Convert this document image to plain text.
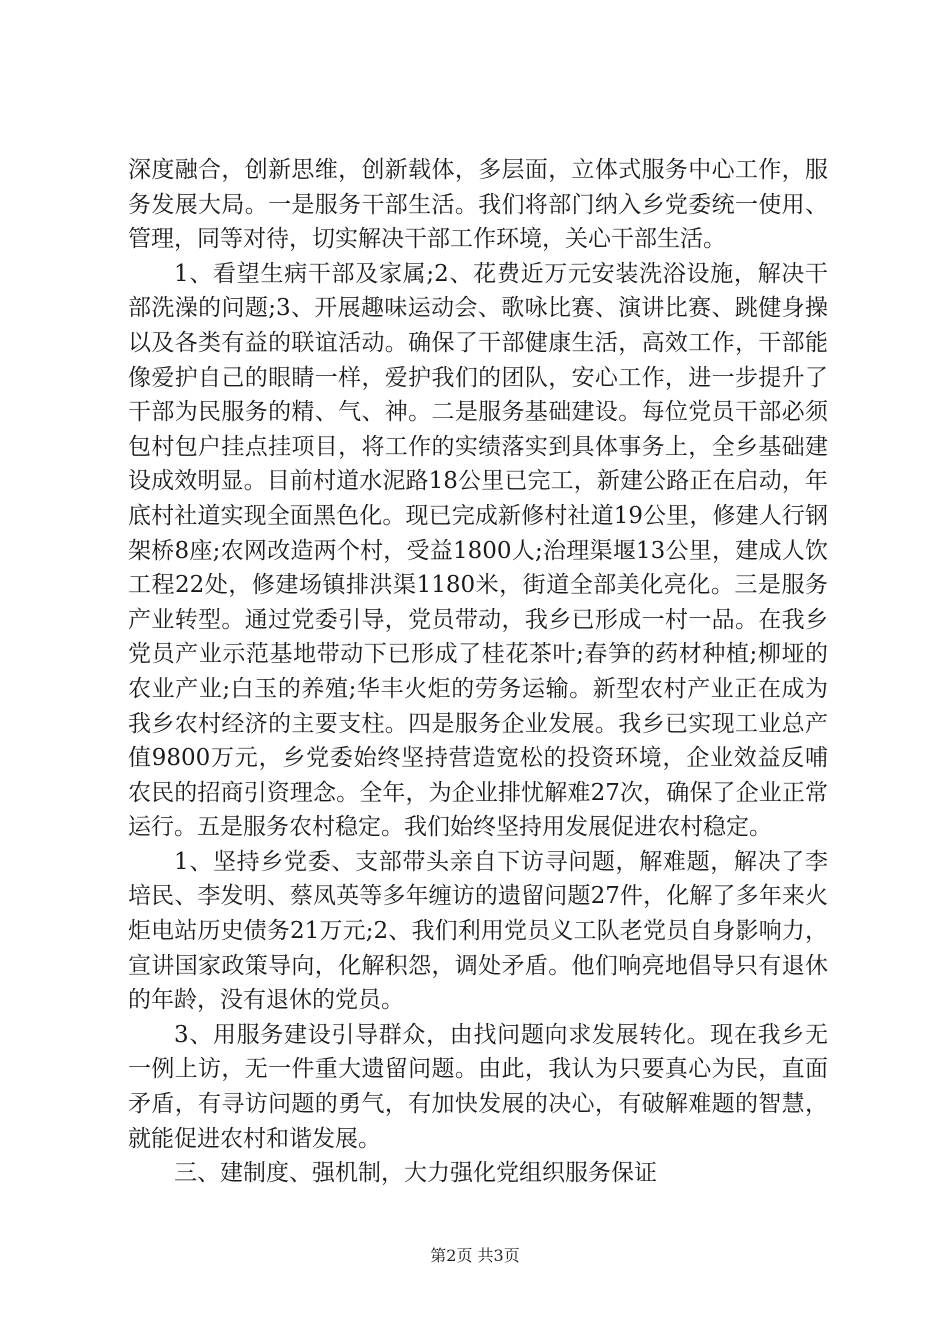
深度融合，创新思维，创新载体，多层面，立体式服务中心工作，服务发展大局。一是服务干部生活。我们将部门纳入乡党委统一使用、管理，同等对待，切实解决干部工作环境，关心干部生活。

1、看望生病干部及家属;2、花费近万元安装洗浴设施，解决干部洗澡的问题;3、开展趣味运动会、歌咏比赛、演讲比赛、跳健身操以及各类有益的联谊活动。确保了干部健康生活，高效工作，干部能像爱护自己的眼睛一样，爱护我们的团队，安心工作，进一步提升了干部为民服务的精、气、神。二是服务基础建设。每位党员干部必须包村包户挂点挂项目，将工作的实绩落实到具体事务上，全乡基础建设成效明显。目前村道水泥路18公里已完工，新建公路正在启动，年底村社道实现全面黑色化。现已完成新修村社道19公里，修建人行钢架桥8座;农网改造两个村，受益1800人;治理渠堰13公里，建成人饮工程22处，修建场镇排洪渠1180米，街道全部美化亮化。三是服务产业转型。通过党委引导，党员带动，我乡已形成一村一品。在我乡党员产业示范基地带动下已形成了桂花茶叶;春笋的药材种植;柳垭的农业产业;白玉的养殖;华丰火炬的劳务运输。新型农村产业正在成为我乡农村经济的主要支柱。四是服务企业发展。我乡已实现工业总产值9800万元，乡党委始终坚持营造宽松的投资环境，企业效益反哺农民的招商引资理念。全年，为企业排忧解难27次，确保了企业正常运行。五是服务农村稳定。我们始终坚持用发展促进农村稳定。

1、坚持乡党委、支部带头亲自下访寻问题，解难题，解决了李培民、李发明、蔡凤英等多年缠访的遗留问题27件，化解了多年来火炬电站历史债务21万元;2、我们利用党员义工队老党员自身影响力，宣讲国家政策导向，化解积怨，调处矛盾。他们响亮地倡导只有退休的年龄，没有退休的党员。

3、用服务建设引导群众，由找问题向求发展转化。现在我乡无一例上访，无一件重大遗留问题。由此，我认为只要真心为民，直面矛盾，有寻访问题的勇气，有加快发展的决心，有破解难题的智慧，就能促进农村和谐发展。

三、建制度、强机制，大力强化党组织服务保证

第2页 共3页
